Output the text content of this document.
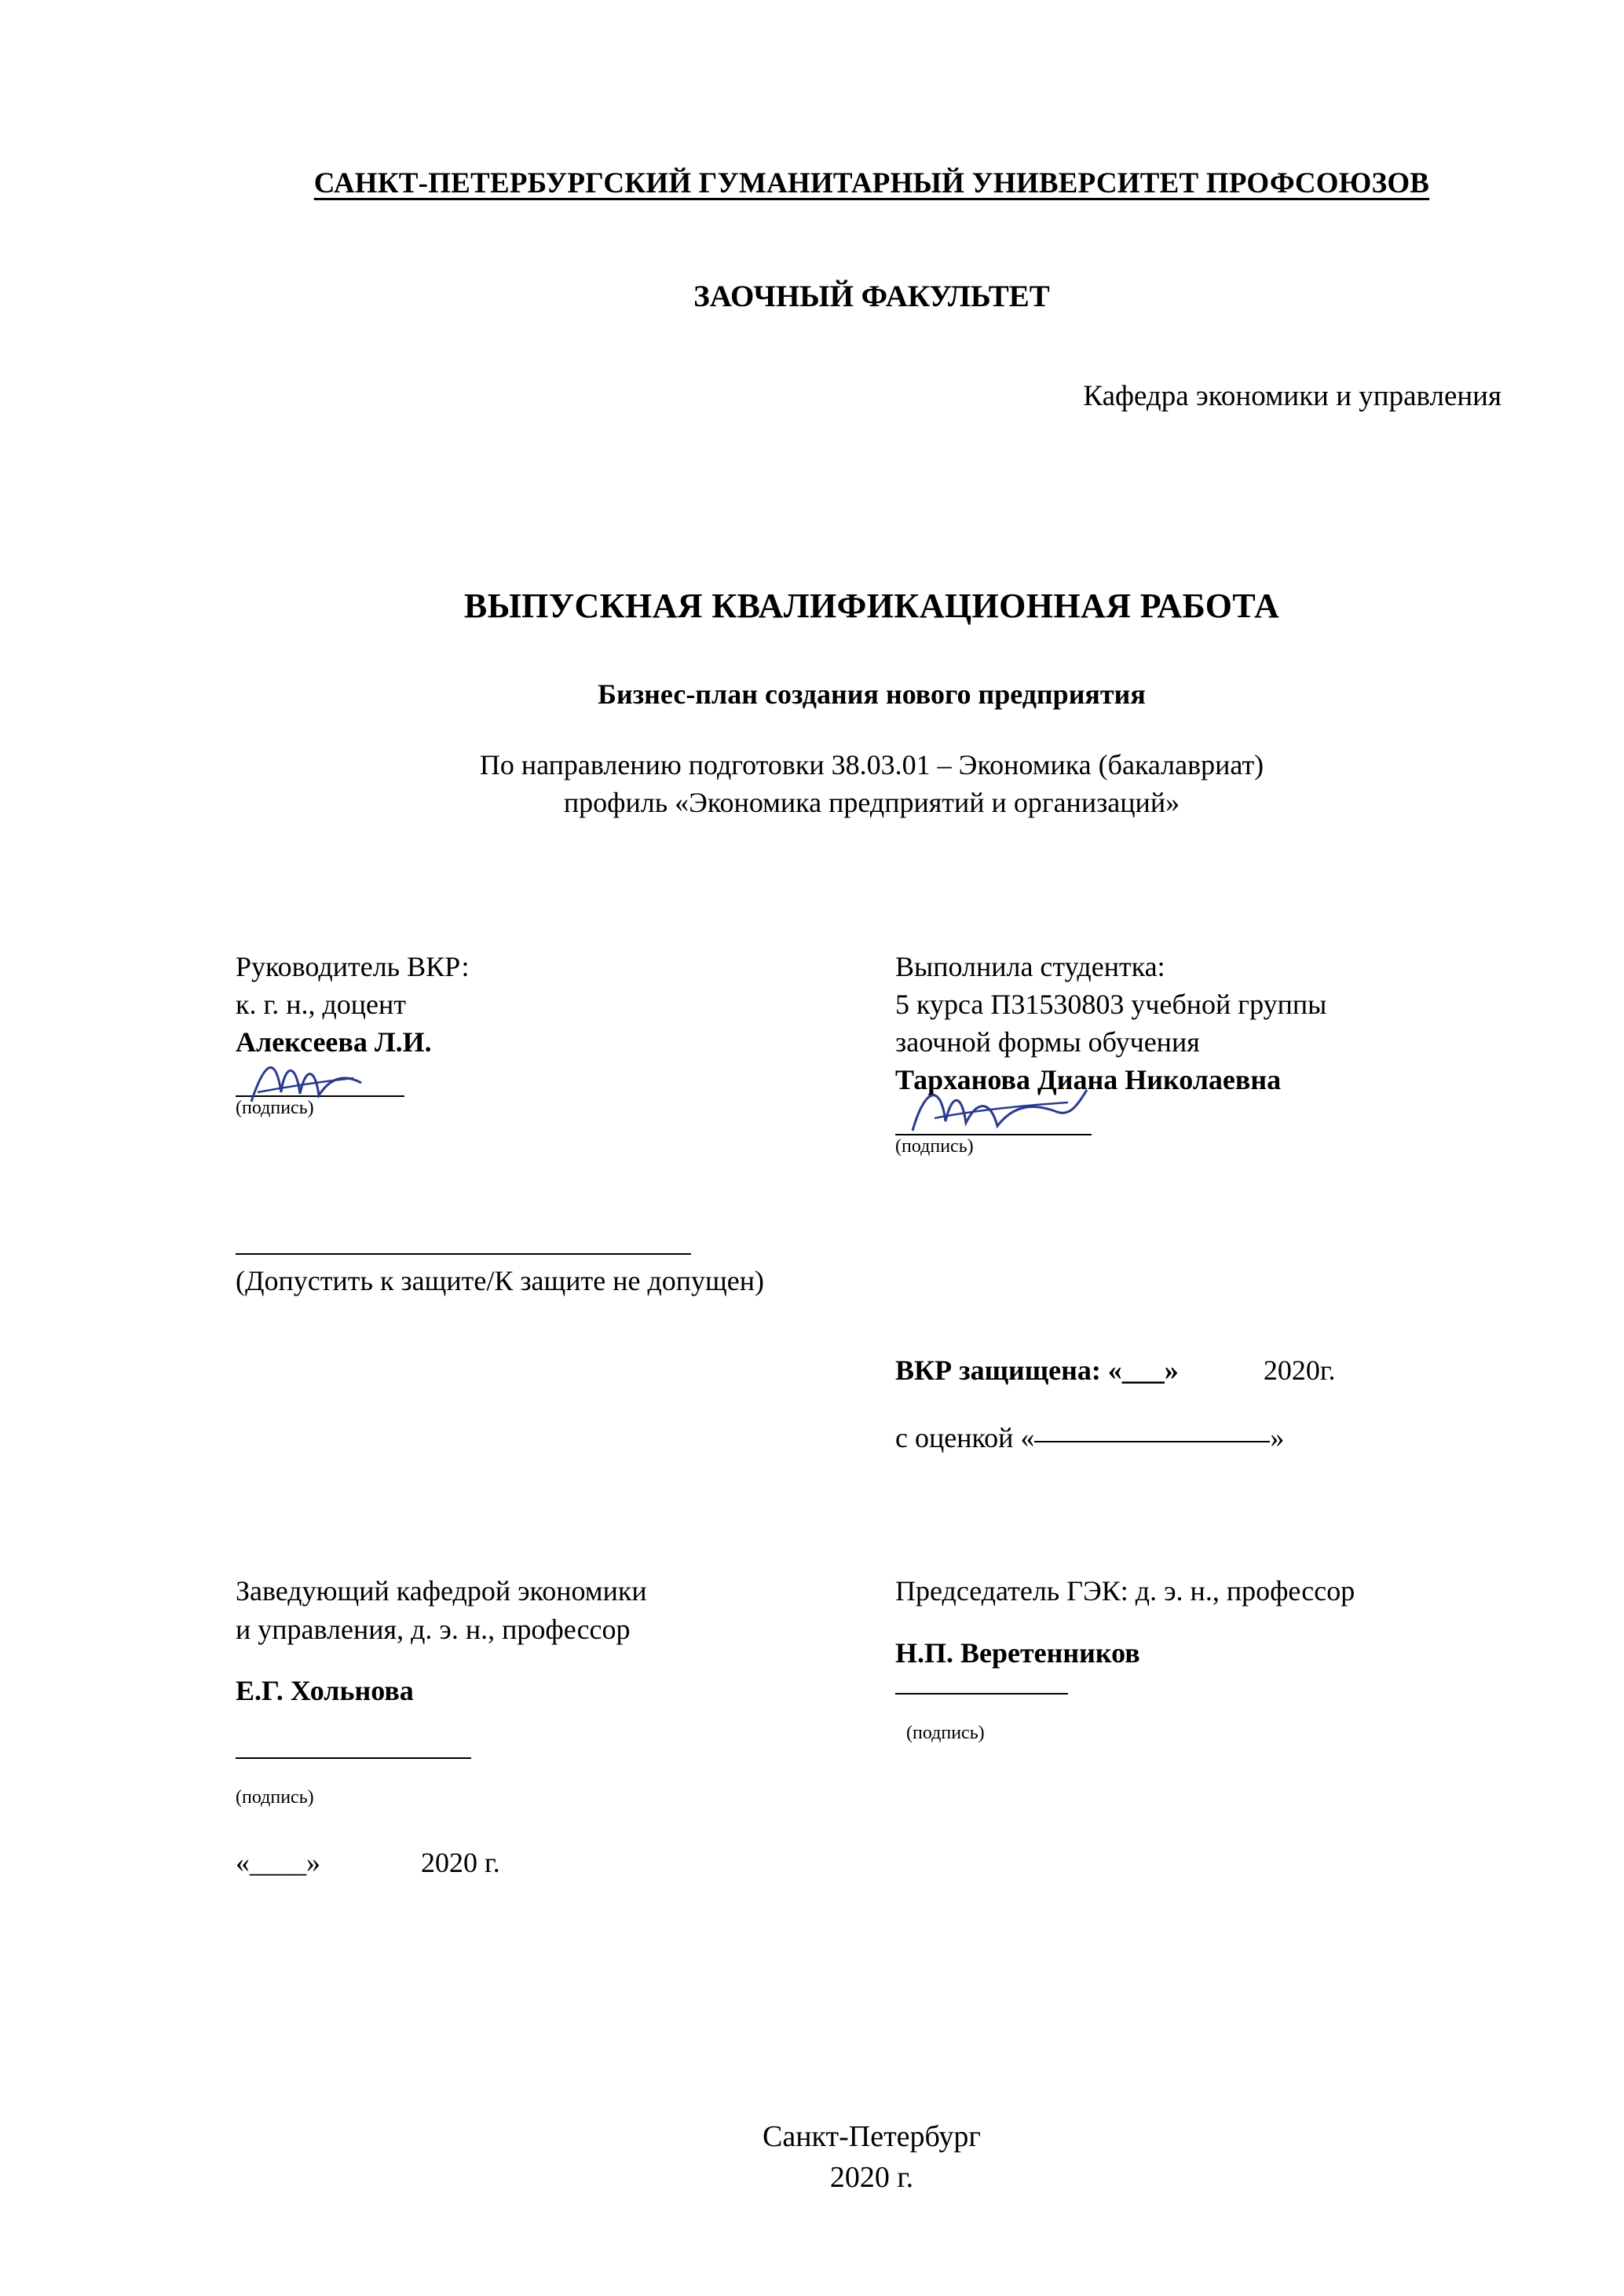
САНКТ-ПЕТЕРБУРГСКИЙ ГУМАНИТАРНЫЙ УНИВЕРСИТЕТ ПРОФСОЮЗОВ
ЗАОЧНЫЙ ФАКУЛЬТЕТ
Кафедра экономики и управления
ВЫПУСКНАЯ КВАЛИФИКАЦИОННАЯ РАБОТА
Бизнес-план создания нового предприятия
По направлению подготовки 38.03.01 – Экономика (бакалавриат)
профиль «Экономика предприятий и организаций»
Руководитель ВКР:
к. г. н., доцент
Алексеева Л.И.
(подпись)
Выполнила студентка:
5 курса П31530803 учебной группы
заочной формы обучения
Тарханова Диана Николаевна
(подпись)
(Допустить к защите/К защите не допущен)
ВКР защищена: «___»	2020г.
с оценкой «	»
Заведующий кафедрой экономики
и управления, д. э. н., профессор
Е.Г. Хольнова
(подпись)
«____»	2020 г.
Председатель ГЭК: д. э. н., профессор
Н.П. Веретенников
(подпись)
Санкт-Петербург
2020 г.
